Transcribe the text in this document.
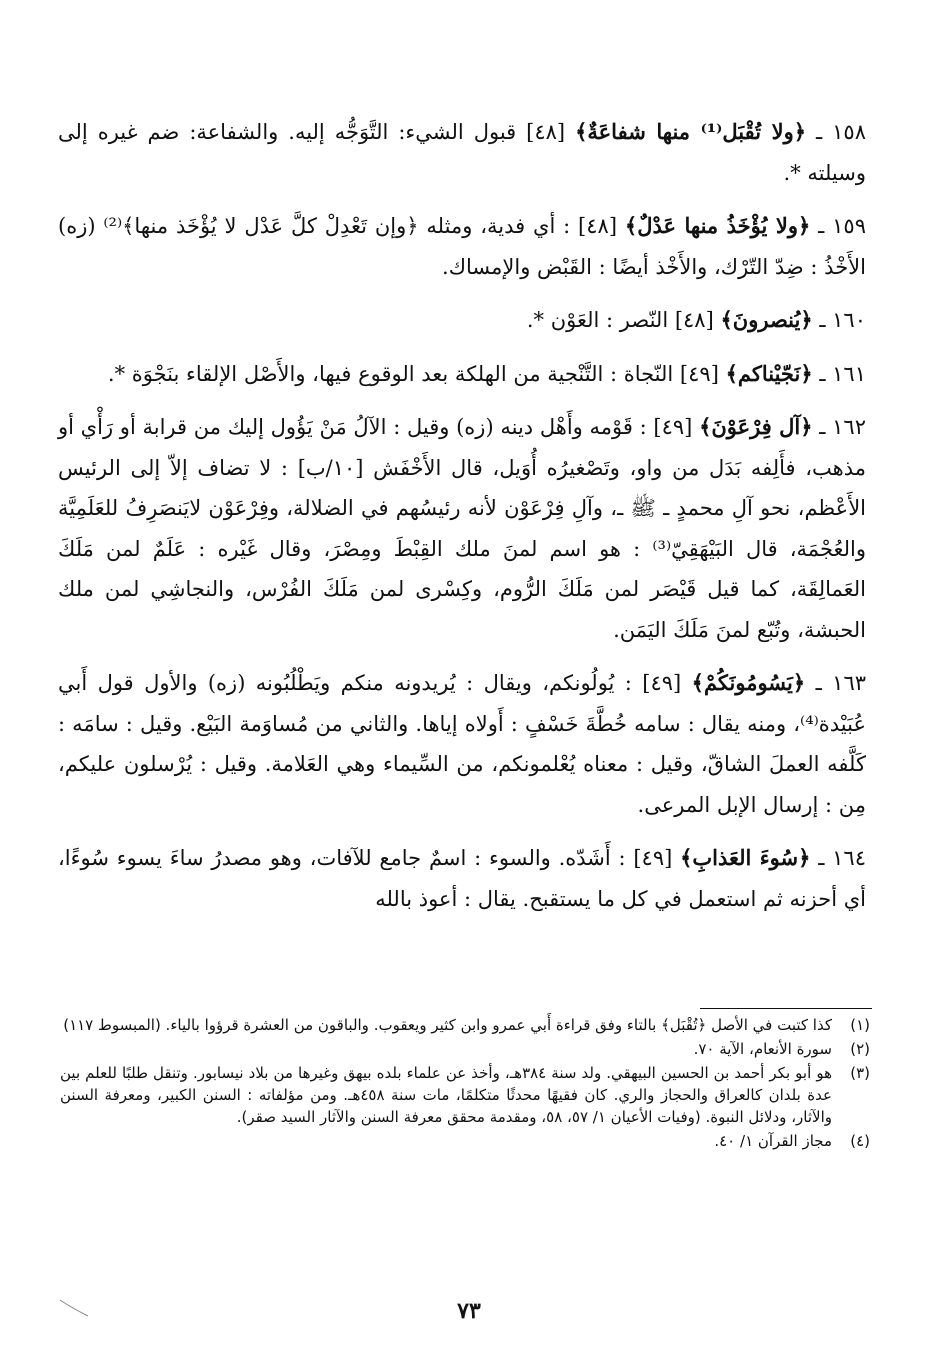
١٥٨ ـ ﴿ولا تُقْبَل⁽¹⁾ منها شفاعَةٌ﴾ [٤٨] قبول الشيء: التَّوَجُّه إليه. والشفاعة: ضم غيره إلى وسيلته *.

١٥٩ ـ ﴿ولا يُؤْخَذُ منها عَدْلٌ﴾ [٤٨] : أي فدية، ومثله ﴿وإن تَعْدِلْ كلَّ عَدْل لا يُؤْخَذ منها﴾⁽²⁾ (زه) الأَخْذُ : ضِدّ التّرْك، والأَخْذ أيضًا : القَبْض والإمساك.

١٦٠ ـ ﴿يُنصرونَ﴾ [٤٨] النّصر : العَوْن *.

١٦١ ـ ﴿نَجّيْناكم﴾ [٤٩] النّجاة : التَّنْجية من الهلكة بعد الوقوع فيها، والأَصْل الإلقاء بنَجْوَة *.

١٦٢ ـ ﴿آل فِرْعَوْنَ﴾ [٤٩] : قَوْمه وأَهْل دينه (زه) وقيل : الآلُ مَنْ يَؤُول إليك من قرابة أو رَأْي أو مذهب، فأَلِفه بَدَل من واو، وتَصْغيرُه أُوَيل، قال الأَخْفَش [١٠/ب] : لا تضاف إلاّ إلى الرئيس الأَعْظم، نحو آلِ محمدٍ ـ ﷺ ـ، وآلِ فِرْعَوْن لأنه رئيسُهم في الضلالة، وفِرْعَوْن لايَنصَرِفُ للعَلَمِيَّة والعُجْمَة، قال البَيْهَقِيّ⁽³⁾ : هو اسم لمنَ ملك القِبْطَ ومِصْرَ، وقال غَيْره : عَلَمٌ لمن مَلَكَ العَمالِقَة، كما قيل قَيْصَر لمن مَلَكَ الرُّوم، وكِسْرى لمن مَلَكَ الفُرْس، والنجاشِي لمن ملك الحبشة، وتُبّع لمنَ مَلَكَ اليَمَن.

١٦٣ ـ ﴿يَسُومُونَكُمْ﴾ [٤٩] : يُولُونكم، ويقال : يُريدونه منكم ويَطْلُبُونه (زه) والأول قول أَبي عُبَيْدة⁽⁴⁾، ومنه يقال : سامه خُطَّةَ خَسْفٍ : أَولاه إياها. والثاني من مُساوَمة البَيْع. وقيل : سامَه : كَلَّفه العملَ الشاقّ، وقيل : معناه يُعْلمونكم، من السِّيماء وهي العَلامة. وقيل : يُرْسلون عليكم، مِن : إرسال الإبل المرعى.

١٦٤ ـ ﴿سُوءَ العَذابِ﴾ [٤٩] : أَشَدّه. والسوء : اسمٌ جامع للآفات، وهو مصدرُ ساءَ يسوء سُوءًا، أي أحزنه ثم استعمل في كل ما يستقبح. يقال : أعوذ بالله

(١)
كذا كتبت في الأصل ﴿تُقْبَل﴾ بالتاء وفق قراءة أَبي عمرو وابن كثير ويعقوب. والباقون من العشرة قرؤوا بالياء. (المبسوط ١١٧)
(٢)
سورة الأنعام، الآية ٧٠.
(٣)
هو أبو بكر أحمد بن الحسين البيهقي. ولد سنة ٣٨٤هـ، وأخذ عن علماء بلده بيهق وغيرها من بلاد نيسابور. وتنقل طلبًا للعلم بين عدة بلدان كالعراق والحجاز والري. كان فقيهًا محدثًا متكلمًا، مات سنة ٤٥٨هـ. ومن مؤلفاته : السنن الكبير، ومعرفة السنن والآثار، ودلائل النبوة. (وفيات الأعيان ١/ ٥٧، ٥٨، ومقدمة محقق معرفة السنن والآثار السيد صقر).
(٤)
مجاز القرآن ١/ ٤٠.
٧٣
